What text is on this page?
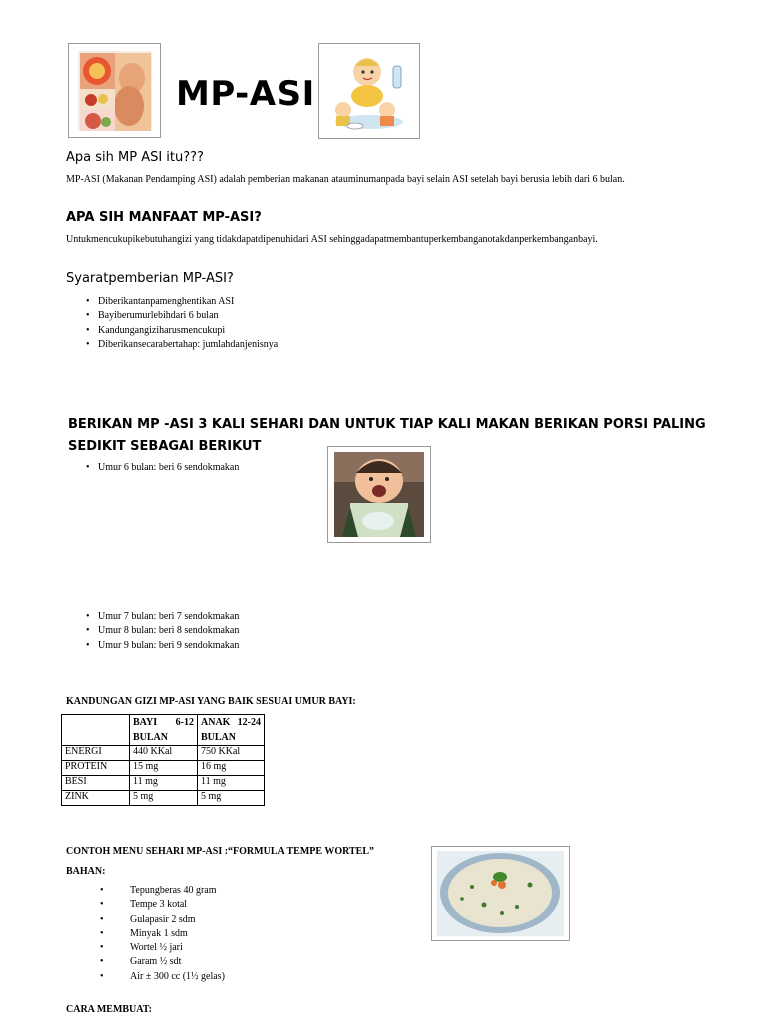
MP-ASI
Apa sih MP ASI itu???
MP-ASI (Makanan Pendamping ASI) adalah pemberian makanan atauminumanpada bayi selain ASI setelah bayi berusia lebih dari 6 bulan.
APA SIH MANFAAT MP-ASI?
Untukmencukupikebutuhangizi yang tidakdapatdipenuhidari ASI sehinggadapatmembantuperkembanganotakdanperkembanganbayi.
Syaratpemberian MP-ASI?
• Diberikantanpamenghentikan ASI
• Bayiberumurlebihdari 6 bulan
• Kandungangiziharusmencukupi
• Diberikansecarabertahap: jumlahdanjenisnya
BERIKAN MP -ASI 3 KALI SEHARI DAN UNTUK TIAP KALI MAKAN BERIKAN PORSI PALING SEDIKIT SEBAGAI BERIKUT
• Umur 6 bulan: beri 6 sendokmakan
• Umur 7 bulan: beri 7 sendokmakan
• Umur 8 bulan: beri 8 sendokmakan
• Umur 9 bulan: beri 9 sendokmakan
KANDUNGAN GIZI MP-ASI YANG BAIK SESUAI UMUR BAYI:

	BAYI 6-12 BULAN	ANAK 12-24 BULAN

ENERGI	440 KKal	750 KKal
PROTEIN	15 mg	16 mg
BESI	11 mg	11 mg
ZINK	5 mg	5 mg
CONTOH MENU SEHARI MP-ASI :“FORMULA TEMPE WORTEL”
BAHAN:
• Tepungberas 40 gram
• Tempe 3 kotal
• Gulapasir 2 sdm
• Minyak 1 sdm
• Wortel ½ jari
• Garam ½ sdt
• Air ± 300 cc (1½ gelas)
CARA MEMBUAT:
